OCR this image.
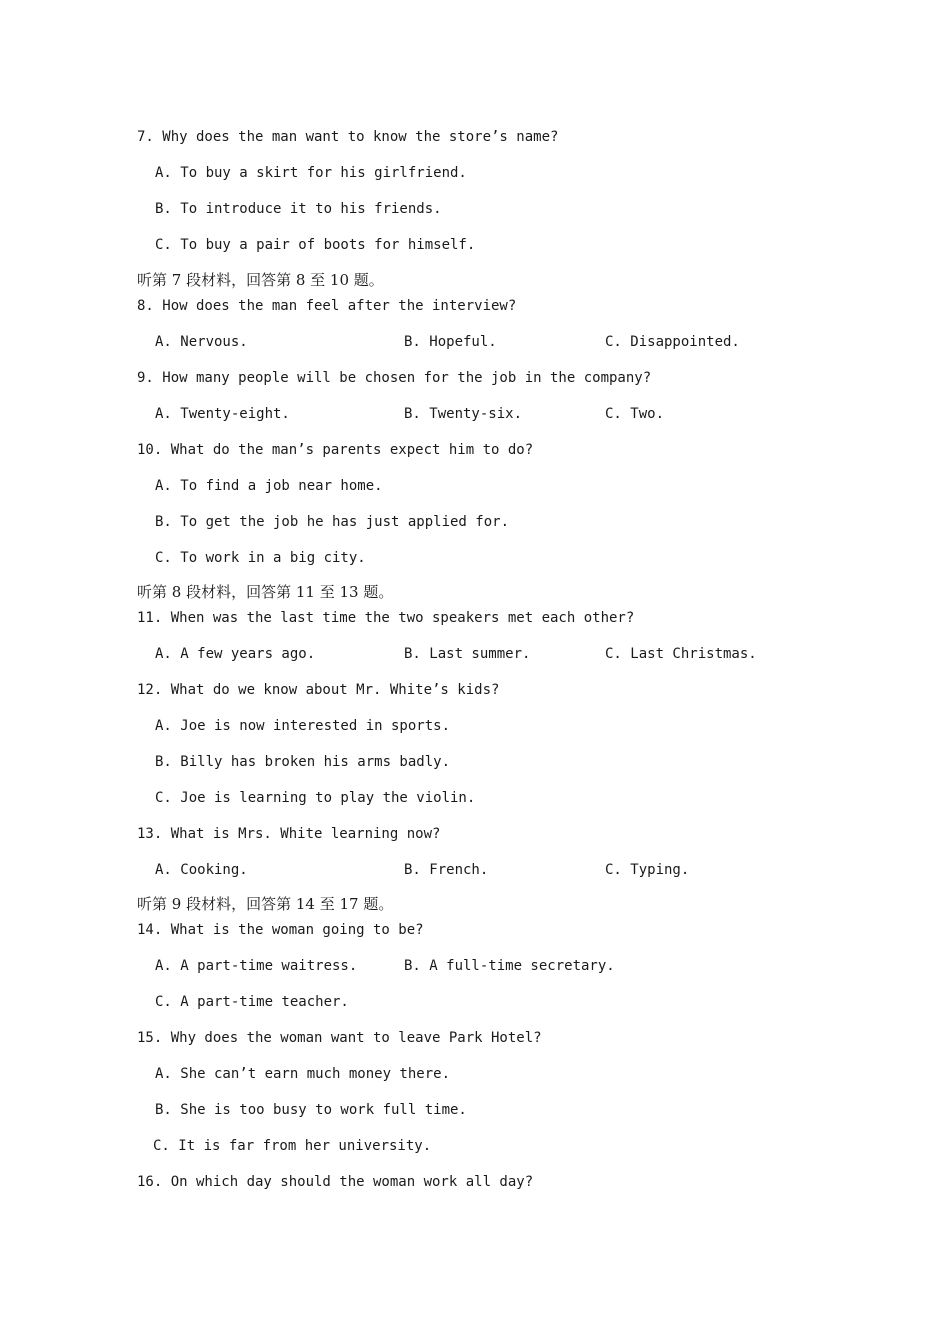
7. Why does the man want to know the store’s name?
A. To buy a skirt for his girlfriend.
B. To introduce it to his friends.
C. To buy a pair of boots for himself.
听第 7 段材料，回答第 8 至 10 题。
8. How does the man feel after the interview?
A. Nervous.	B. Hopeful.	C. Disappointed.
9. How many people will be chosen for the job in the company?
A. Twenty-eight.	B. Twenty-six.	C. Two.
10. What do the man’s parents expect him to do?
A. To find a job near home.
B. To get the job he has just applied for.
C. To work in a big city.
听第 8 段材料，回答第 11 至 13 题。
11. When was the last time the two speakers met each other?
A. A few years ago.	B. Last summer.	C. Last Christmas.
12. What do we know about Mr. White’s kids?
A. Joe is now interested in sports.
B. Billy has broken his arms badly.
C. Joe is learning to play the violin.
13. What is Mrs. White learning now?
A. Cooking.	B. French.	C. Typing.
听第 9 段材料，回答第 14 至 17 题。
14. What is the woman going to be?
A. A part-time waitress.	B. A full-time secretary.
C. A part-time teacher.
15. Why does the woman want to leave Park Hotel?
A. She can’t earn much money there.
B. She is too busy to work full time.
C. It is far from her university.
16. On which day should the woman work all day?
